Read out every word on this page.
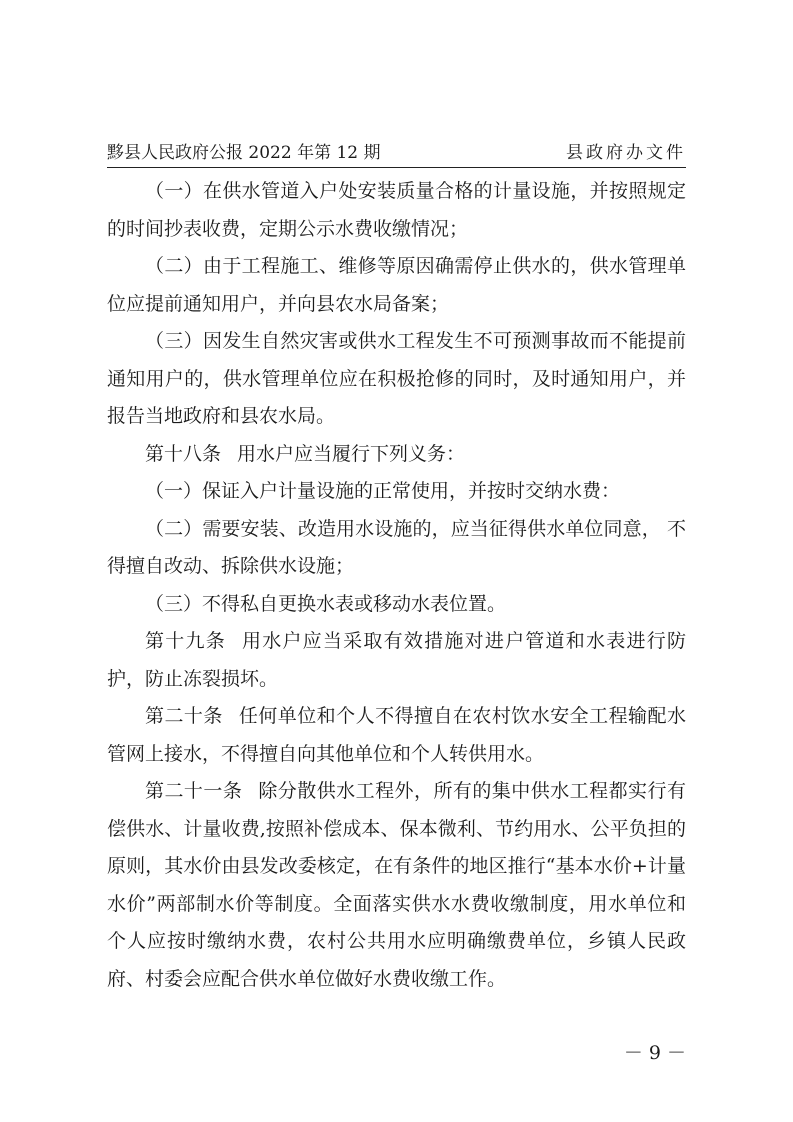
黟县人民政府公报 2022 年第 12 期	县政府办文件

（一）在供水管道入户处安装质量合格的计量设施，并按照规定的时间抄表收费，定期公示水费收缴情况；

（二）由于工程施工、维修等原因确需停止供水的，供水管理单位应提前通知用户，并向县农水局备案；

（三）因发生自然灾害或供水工程发生不可预测事故而不能提前通知用户的，供水管理单位应在积极抢修的同时，及时通知用户，并报告当地政府和县农水局。

第十八条 用水户应当履行下列义务：

（一）保证入户计量设施的正常使用，并按时交纳水费：

（二）需要安装、改造用水设施的，应当征得供水单位同意， 不得擅自改动、拆除供水设施；

（三）不得私自更换水表或移动水表位置。

第十九条 用水户应当采取有效措施对进户管道和水表进行防护，防止冻裂损坏。

第二十条 任何单位和个人不得擅自在农村饮水安全工程输配水管网上接水，不得擅自向其他单位和个人转供用水。

第二十一条 除分散供水工程外，所有的集中供水工程都实行有偿供水、计量收费,按照补偿成本、保本微利、节约用水、公平负担的原则，其水价由县发改委核定，在有条件的地区推行“基本水价+计量水价”两部制水价等制度。全面落实供水水费收缴制度，用水单位和个人应按时缴纳水费，农村公共用水应明确缴费单位，乡镇人民政府、村委会应配合供水单位做好水费收缴工作。

－ 9 －
